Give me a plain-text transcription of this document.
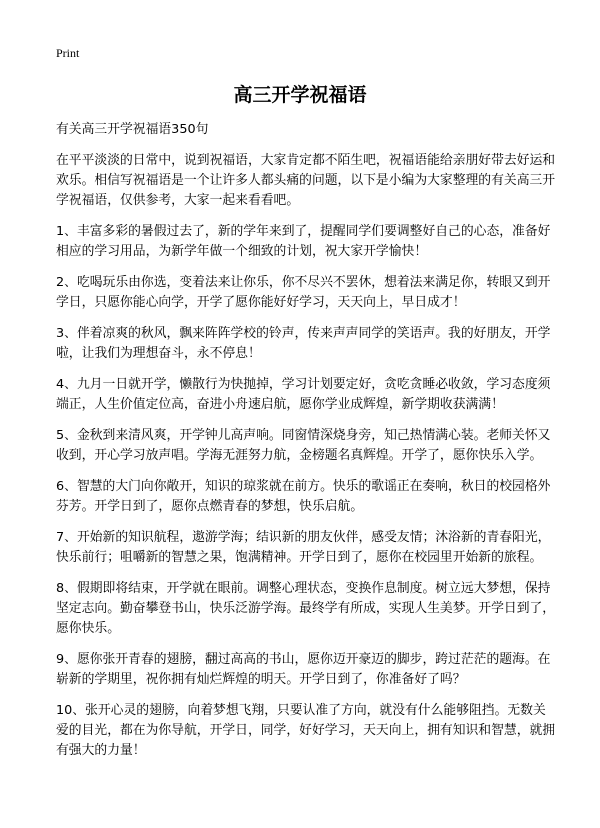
Print
高三开学祝福语

有关高三开学祝福语350句

在平平淡淡的日常中，说到祝福语，大家肯定都不陌生吧，祝福语能给亲朋好带去好运和欢乐。相信写祝福语是一个让许多人都头痛的问题，以下是小编为大家整理的有关高三开学祝福语，仅供参考，大家一起来看看吧。

1、丰富多彩的暑假过去了，新的学年来到了，提醒同学们要调整好自己的心态，准备好相应的学习用品，为新学年做一个细致的计划，祝大家开学愉快！

2、吃喝玩乐由你选，变着法来让你乐，你不尽兴不罢休，想着法来满足你，转眼又到开学日，只愿你能心向学，开学了愿你能好好学习，天天向上，早日成才！

3、伴着凉爽的秋风，飘来阵阵学校的铃声，传来声声同学的笑语声。我的好朋友，开学啦，让我们为理想奋斗，永不停息！

4、九月一日就开学，懒散行为快抛掉，学习计划要定好，贪吃贪睡必收敛，学习态度须端正，人生价值定位高，奋进小舟速启航，愿你学业成辉煌，新学期收获满满！

5、金秋到来清风爽，开学钟儿高声响。同窗情深烧身旁，知己热情满心装。老师关怀又收到，开心学习放声唱。学海无涯努力航，金榜题名真辉煌。开学了，愿你快乐入学。

6、智慧的大门向你敞开，知识的琼浆就在前方。快乐的歌谣正在奏响，秋日的校园格外芬芳。开学日到了，愿你点燃青春的梦想，快乐启航。

7、开始新的知识航程，遨游学海；结识新的朋友伙伴，感受友情；沐浴新的青春阳光，快乐前行；咀嚼新的智慧之果，饱满精神。开学日到了，愿你在校园里开始新的旅程。

8、假期即将结束，开学就在眼前。调整心理状态，变换作息制度。树立远大梦想，保持坚定志向。勤奋攀登书山，快乐泛游学海。最终学有所成，实现人生美梦。开学日到了，愿你快乐。

9、愿你张开青春的翅膀，翻过高高的书山，愿你迈开豪迈的脚步，跨过茫茫的题海。在崭新的学期里，祝你拥有灿烂辉煌的明天。开学日到了，你准备好了吗？

10、张开心灵的翅膀，向着梦想飞翔，只要认准了方向，就没有什么能够阻挡。无数关爱的目光，都在为你导航，开学日，同学，好好学习，天天向上，拥有知识和智慧，就拥有强大的力量！
